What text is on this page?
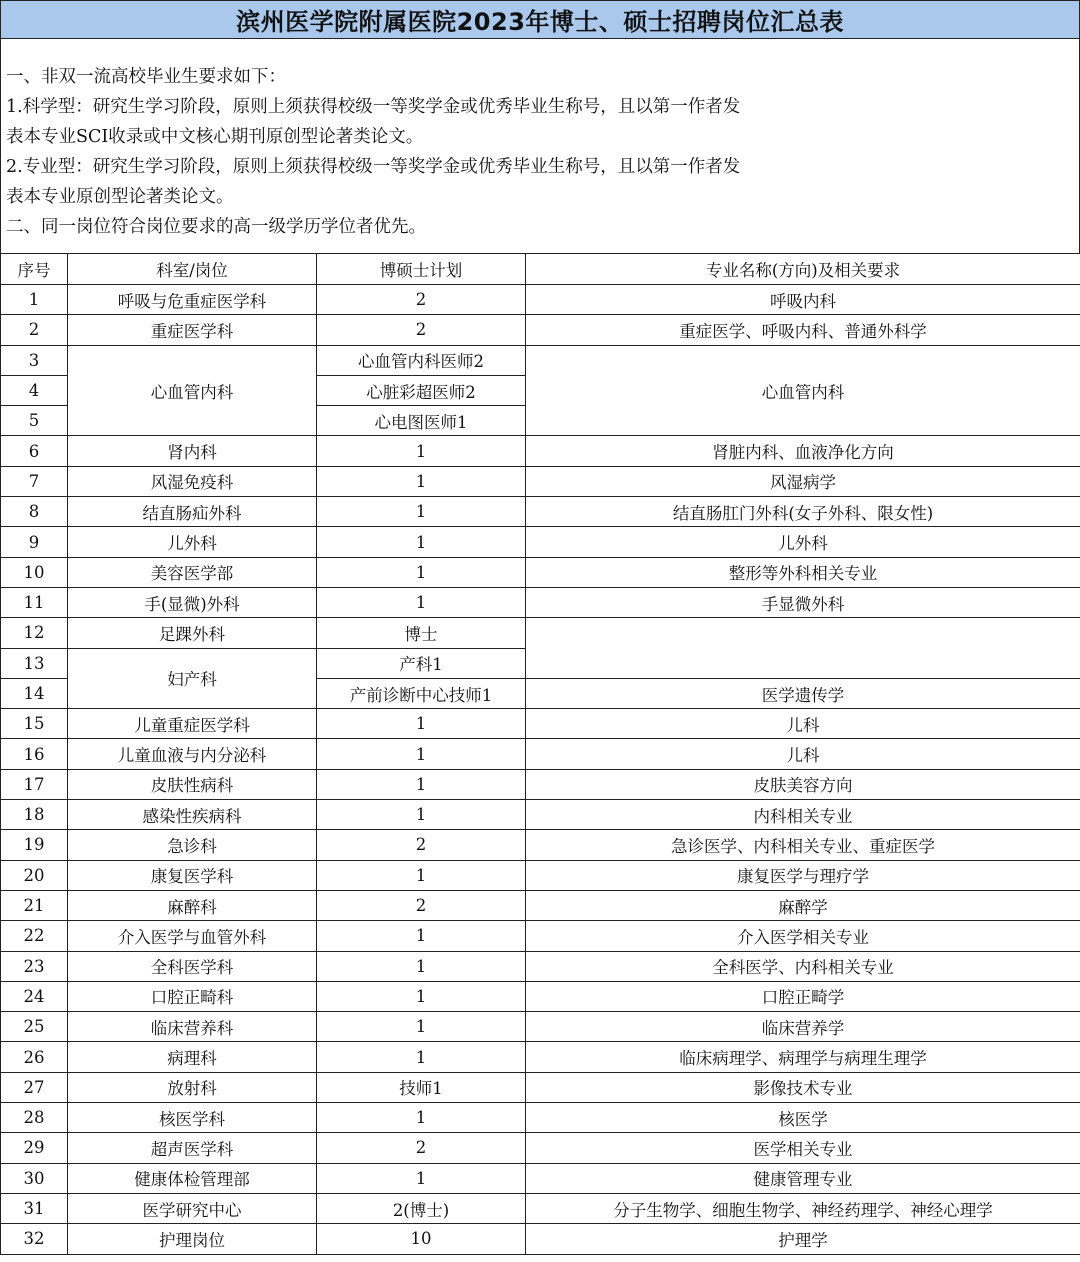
滨州医学院附属医院2023年博士、硕士招聘岗位汇总表
一、非双一流高校毕业生要求如下：
1.科学型：研究生学习阶段，原则上须获得校级一等奖学金或优秀毕业生称号，且以第一作者发
表本专业SCI收录或中文核心期刊原创型论著类论文。
2.专业型：研究生学习阶段，原则上须获得校级一等奖学金或优秀毕业生称号，且以第一作者发
表本专业原创型论著类论文。
二、同一岗位符合岗位要求的高一级学历学位者优先。
序号	科室/岗位	博硕士计划	专业名称(方向)及相关要求
1	呼吸与危重症医学科	2	呼吸内科
2	重症医学科	2	重症医学、呼吸内科、普通外科学
3	心血管内科	心血管内科医师2	心血管内科
4		心脏彩超医师2	
5		心电图医师1	
6	肾内科	1	肾脏内科、血液净化方向
7	风湿免疫科	1	风湿病学
8	结直肠疝外科	1	结直肠肛门外科(女子外科、限女性)
9	儿外科	1	儿外科
10	美容医学部	1	整形等外科相关专业
11	手(显微)外科	1	手显微外科
12	足踝外科	博士	
13	妇产科	产科1	
14		产前诊断中心技师1	医学遗传学
15	儿童重症医学科	1	儿科
16	儿童血液与内分泌科	1	儿科
17	皮肤性病科	1	皮肤美容方向
18	感染性疾病科	1	内科相关专业
19	急诊科	2	急诊医学、内科相关专业、重症医学
20	康复医学科	1	康复医学与理疗学
21	麻醉科	2	麻醉学
22	介入医学与血管外科	1	介入医学相关专业
23	全科医学科	1	全科医学、内科相关专业
24	口腔正畸科	1	口腔正畸学
25	临床营养科	1	临床营养学
26	病理科	1	临床病理学、病理学与病理生理学
27	放射科	技师1	影像技术专业
28	核医学科	1	核医学
29	超声医学科	2	医学相关专业
30	健康体检管理部	1	健康管理专业
31	医学研究中心	2(博士)	分子生物学、细胞生物学、神经药理学、神经心理学
32	护理岗位	10	护理学
